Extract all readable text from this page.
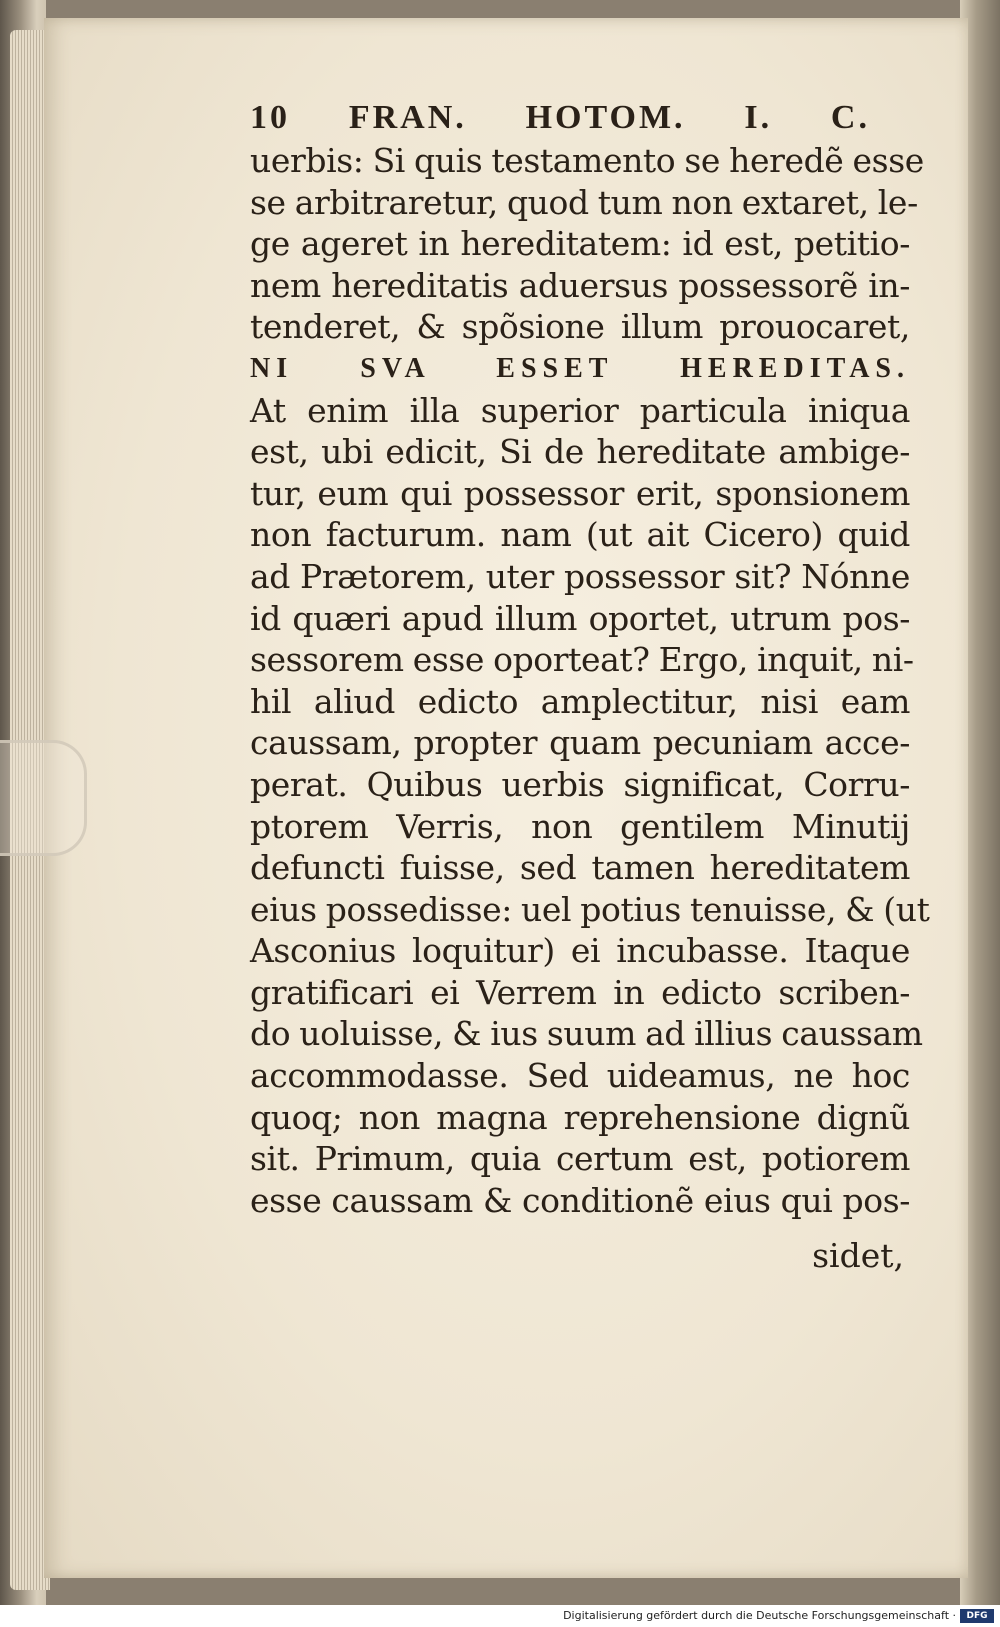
10 FRAN. HOTOM. I. C.
uerbis: Si quis testamento se heredẽ esse
se arbitraretur, quod tum non extaret, le-
ge ageret in hereditatem: id est, petitio-
nem hereditatis aduersus possessorẽ in-
tenderet, & spõsione illum prouocaret,
NI SVA ESSET HEREDITAS.
At enim illa superior particula iniqua
est, ubi edicit, Si de hereditate ambige-
tur, eum qui possessor erit, sponsionem
non facturum. nam (ut ait Cicero) quid
ad Prætorem, uter possessor sit? Nónne
id quæri apud illum oportet, utrum pos-
sessorem esse oporteat? Ergo, inquit, ni-
hil aliud edicto amplectitur, nisi eam
caussam, propter quam pecuniam acce-
perat. Quibus uerbis significat, Corru-
ptorem Verris, non gentilem Minutij
defuncti fuisse, sed tamen hereditatem
eius possedisse: uel potius tenuisse, & (ut
Asconius loquitur) ei incubasse. Itaque
gratificari ei Verrem in edicto scriben-
do uoluisse, & ius suum ad illius caussam
accommodasse. Sed uideamus, ne hoc
quoq; non magna reprehensione dignũ
sit. Primum, quia certum est, potiorem
esse caussam & conditionẽ eius qui pos-
sidet,
Digitalisierung gefördert durch die Deutsche Forschungsgemeinschaft ·	DFG
